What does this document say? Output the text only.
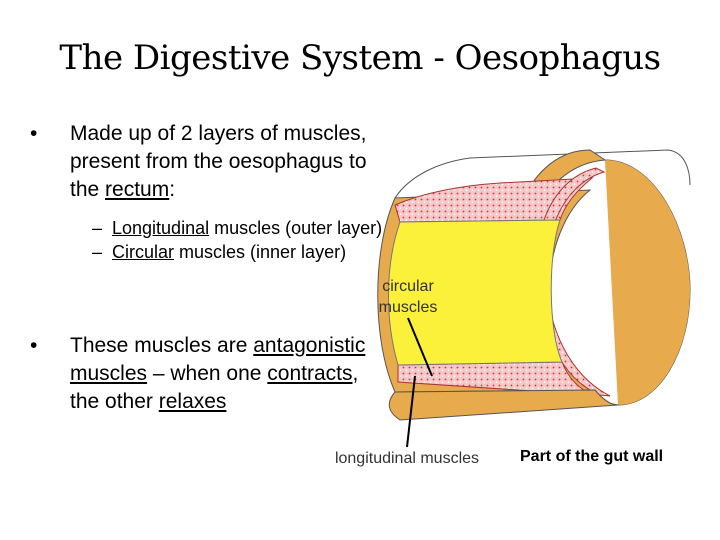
The Digestive System - Oesophagus
•	Made up of 2 layers of muscles, present from the oesophagus to the rectum:
– Longitudinal muscles (outer layer)
– Circular muscles (inner layer)
•	These muscles are antagonistic muscles – when one contracts, the other relaxes
circular muscles
longitudinal muscles	Part of the gut wall
